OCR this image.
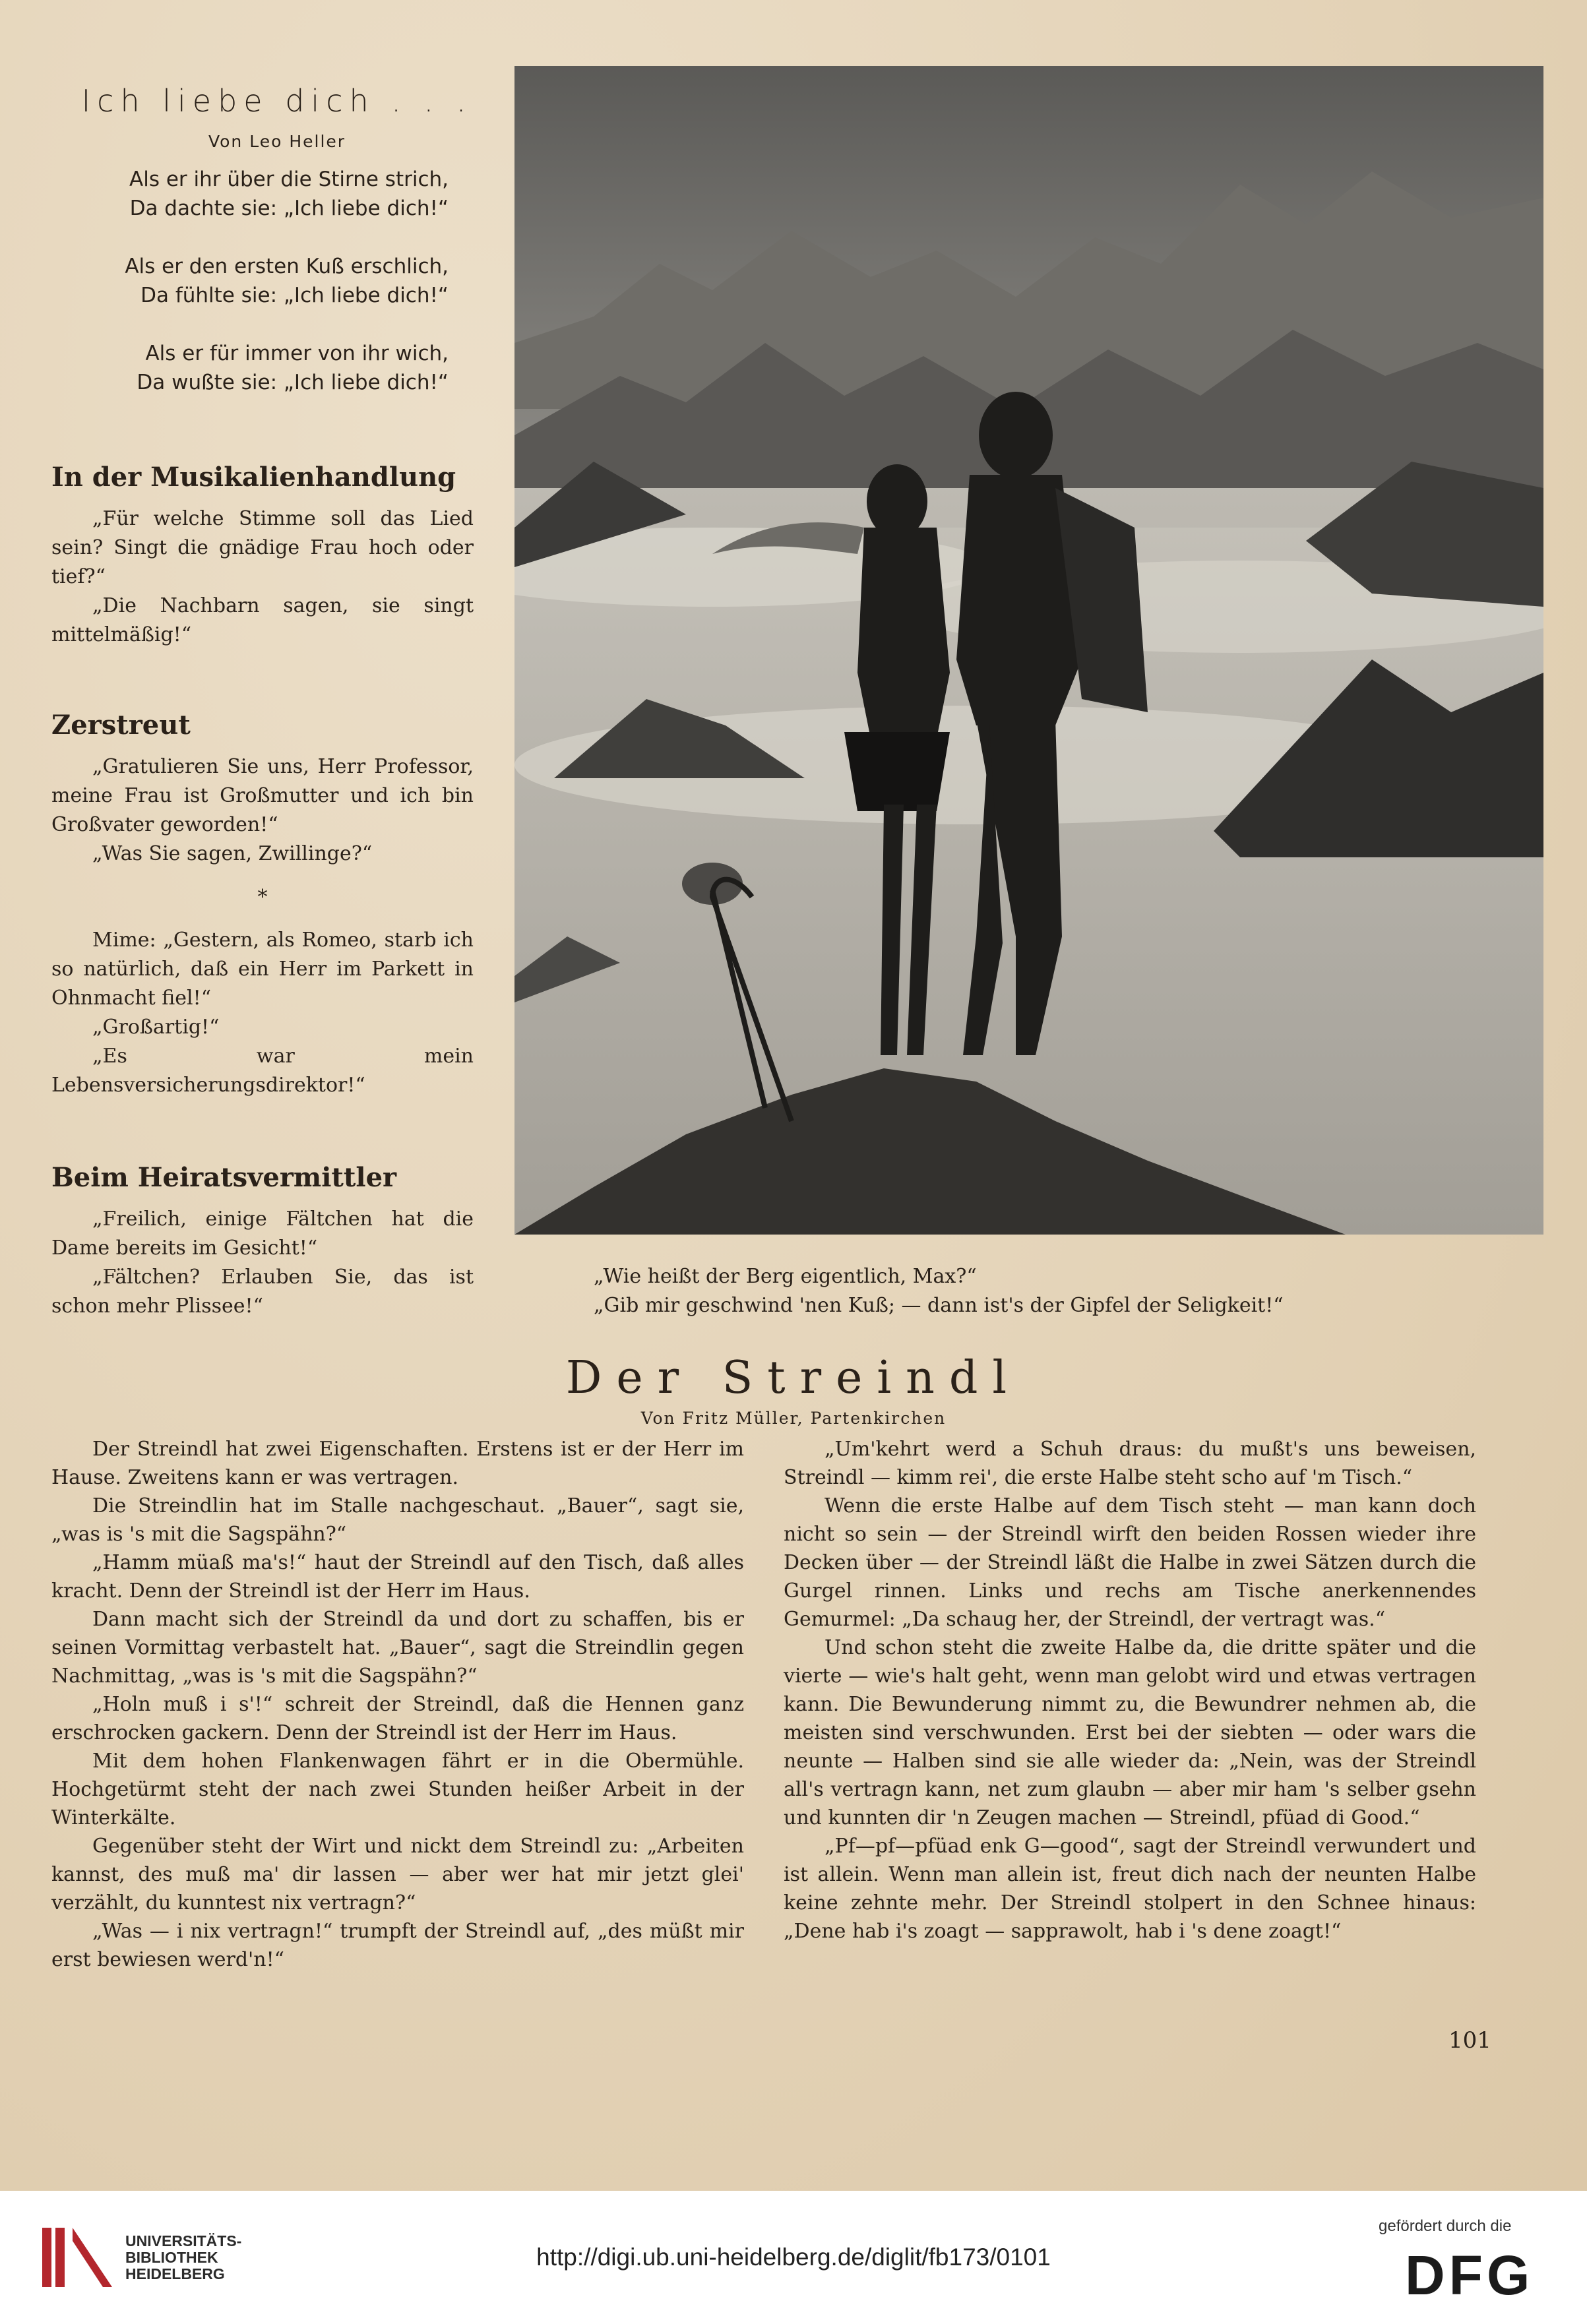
Ich liebe dich . . .
Von Leo Heller
Als er ihr über die Stirne strich,
Da dachte sie: „Ich liebe dich!“
Als er den ersten Kuß erschlich,
Da fühlte sie: „Ich liebe dich!“
Als er für immer von ihr wich,
Da wußte sie: „Ich liebe dich!“
In der Musikalienhandlung

„Für welche Stimme soll das Lied sein? Singt die gnädige Frau hoch oder tief?“

„Die Nachbarn sagen, sie singt mittelmäßig!“

Zerstreut

„Gratulieren Sie uns, Herr Professor, meine Frau ist Großmutter und ich bin Großvater geworden!“

„Was Sie sagen, Zwillinge?“

*

Mime: „Gestern, als Romeo, starb ich so natürlich, daß ein Herr im Parkett in Ohnmacht fiel!“

„Großartig!“

„Es war mein Lebensversicherungsdirektor!“

Beim Heiratsvermittler

„Freilich, einige Fältchen hat die Dame bereits im Gesicht!“

„Fältchen? Erlauben Sie, das ist schon mehr Plissee!“

„Wie heißt der Berg eigentlich, Max?“
„Gib mir geschwind 'nen Kuß; — dann ist's der Gipfel der Seligkeit!“
Der Streindl
Von Fritz Müller, Partenkirchen

Der Streindl hat zwei Eigenschaften. Erstens ist er der Herr im Hause. Zweitens kann er was vertragen.

Die Streindlin hat im Stalle nachgeschaut. „Bauer“, sagt sie, „was is 's mit die Sagspähn?“

„Hamm müaß ma's!“ haut der Streindl auf den Tisch, daß alles kracht. Denn der Streindl ist der Herr im Haus.

Dann macht sich der Streindl da und dort zu schaffen, bis er seinen Vormittag verbastelt hat. „Bauer“, sagt die Streindlin gegen Nachmittag, „was is 's mit die Sagspähn?“

„Holn muß i s'!“ schreit der Streindl, daß die Hennen ganz erschrocken gackern. Denn der Streindl ist der Herr im Haus.

Mit dem hohen Flankenwagen fährt er in die Obermühle. Hochgetürmt steht der nach zwei Stunden heißer Arbeit in der Winterkälte.

Gegenüber steht der Wirt und nickt dem Streindl zu: „Arbeiten kannst, des muß ma' dir lassen — aber wer hat mir jetzt glei' verzählt, du kunntest nix vertragn?“

„Was — i nix vertragn!“ trumpft der Streindl auf, „des müßt mir erst bewiesen werd'n!“

„Um'kehrt werd a Schuh draus: du mußt's uns beweisen, Streindl — kimm rei', die erste Halbe steht scho auf 'm Tisch.“

Wenn die erste Halbe auf dem Tisch steht — man kann doch nicht so sein — der Streindl wirft den beiden Rossen wieder ihre Decken über — der Streindl läßt die Halbe in zwei Sätzen durch die Gurgel rinnen. Links und rechs am Tische anerkennendes Gemurmel: „Da schaug her, der Streindl, der vertragt was.“

Und schon steht die zweite Halbe da, die dritte später und die vierte — wie's halt geht, wenn man gelobt wird und etwas vertragen kann. Die Bewunderung nimmt zu, die Bewundrer nehmen ab, die meisten sind verschwunden. Erst bei der siebten — oder wars die neunte — Halben sind sie alle wieder da: „Nein, was der Streindl all's vertragn kann, net zum glaubn — aber mir ham 's selber gsehn und kunnten dir 'n Zeugen machen — Streindl, pfüad di Good.“

„Pf—pf—pfüad enk G—good“, sagt der Streindl verwundert und ist allein. Wenn man allein ist, freut dich nach der neunten Halbe keine zehnte mehr. Der Streindl stolpert in den Schnee hinaus: „Dene hab i's zoagt — sapprawolt, hab i 's dene zoagt!“

101
UNIVERSITÄTS-
BIBLIOTHEK
HEIDELBERG
http://digi.ub.uni-heidelberg.de/diglit/fb173/0101
gefördert durch die
DFG
